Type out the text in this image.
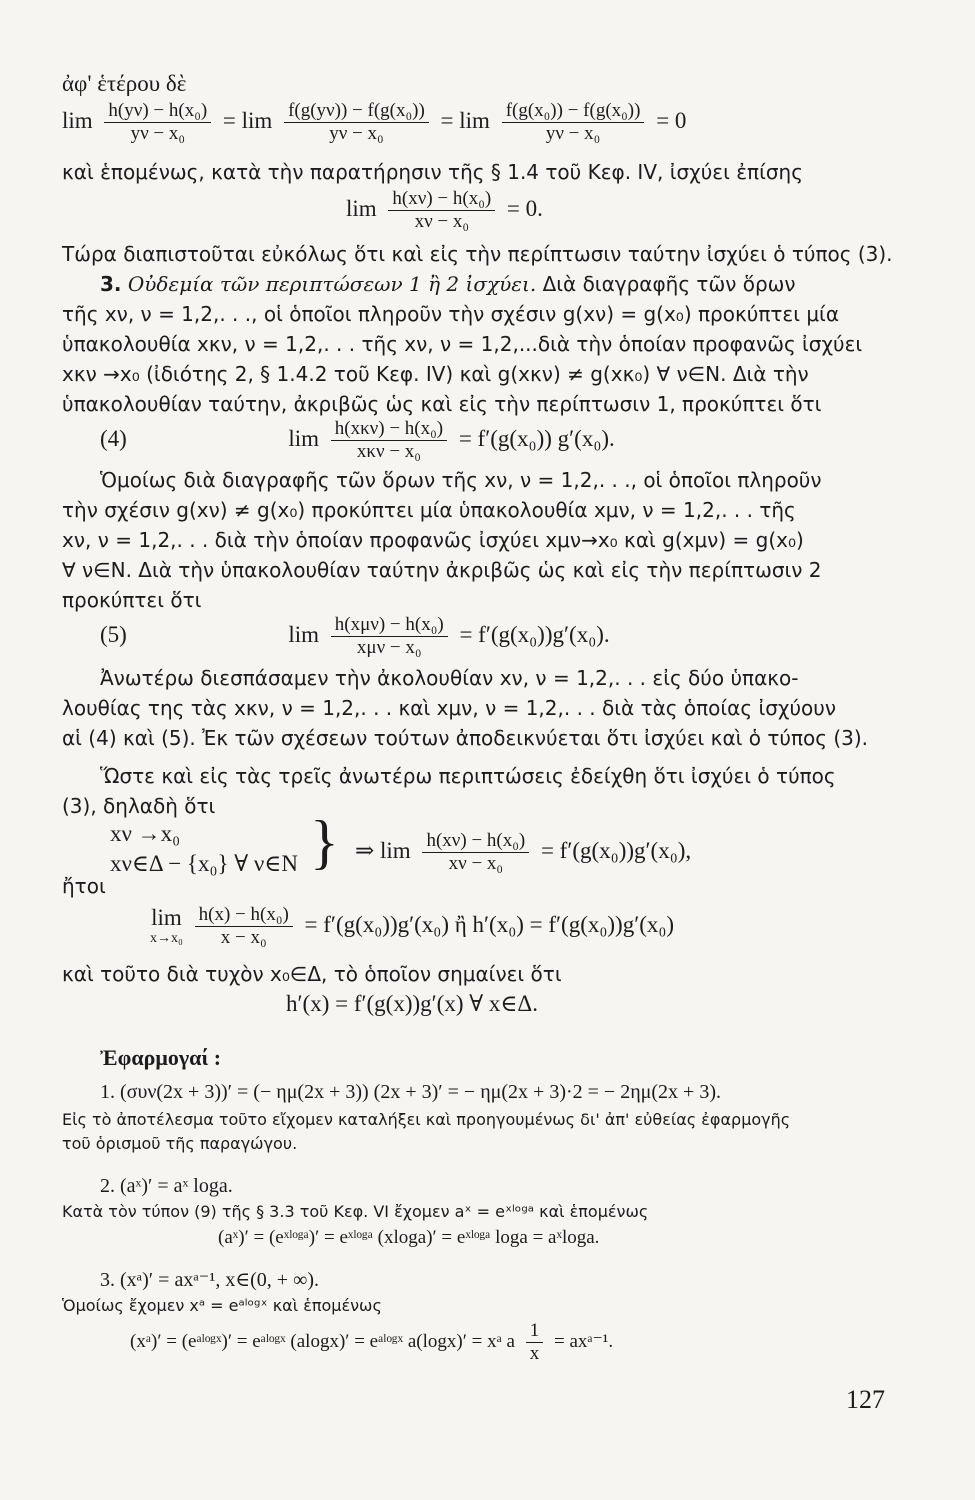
ἀφ' ἑτέρου δὲ
$\lim \frac{\text{h(yν) − h(x₀)}}{\text{yν − x₀}} = \lim \frac{\text{f(g(yν)) − f(g(x₀))}}{\text{yν − x₀}} = \lim \frac{\text{f(g(x₀)) − f(g(x₀))}}{\text{yν − x₀}} = 0$
καὶ ἑπομένως, κατὰ τὴν παρατήρησιν τῆς § 1.4 τοῦ Κεφ. IV, ἰσχύει ἐπίσης
$\lim \frac{\text{h(xν) − h(x₀)}}{\text{xν − x₀}} = 0$.
Τώρα διαπιστοῦται εὐκόλως ὅτι καὶ εἰς τὴν περίπτωσιν ταύτην ἰσχύει ὁ τύπος (3).
3. Οὐδεμία τῶν περιπτώσεων 1 ἢ 2 ἰσχύει. Διὰ διαγραφῆς τῶν ὅρων
τῆς xν, ν = 1,2,. . ., οἱ ὁποῖοι πληροῦν τὴν σχέσιν g(xν) = g(x₀) προκύπτει μία
ὑπακολουθία xκν, ν = 1,2,. . . τῆς xν, ν = 1,2,...διὰ τὴν ὁποίαν προφανῶς ἰσχύει
xκν →x₀ (ἰδιότης 2, § 1.4.2 τοῦ Κεφ. IV) καὶ g(xκν) ≠ g(xκ₀) ∀ ν∈N. Διὰ τὴν
ὑπακολουθίαν ταύτην, ἀκριβῶς ὡς καὶ εἰς τὴν περίπτωσιν 1, προκύπτει ὅτι
(4)	$\lim \frac{\text{h(xκν) − h(x₀)}}{\text{xκν − x₀}} = f'(g(x_0))$ g′(x₀).
Ὁμοίως διὰ διαγραφῆς τῶν ὅρων τῆς xν, ν = 1,2,. . ., οἱ ὁποῖοι πληροῦν
τὴν σχέσιν g(xν) ≠ g(x₀) προκύπτει μία ὑπακολουθία xμν, ν = 1,2,. . . τῆς
xν, ν = 1,2,. . . διὰ τὴν ὁποίαν προφανῶς ἰσχύει xμν→x₀ καὶ g(xμν) = g(x₀)
∀ ν∈N. Διὰ τὴν ὑπακολουθίαν ταύτην ἀκριβῶς ὡς καὶ εἰς τὴν περίπτωσιν 2
προκύπτει ὅτι
(5)	$\lim \frac{\text{h(xμν) − h(x₀)}}{\text{xμν − x₀}} = f'(g(x_0))g'(x_0)$.
Ἀνωτέρω διεσπάσαμεν τὴν ἀκολουθίαν xν, ν = 1,2,. . . εἰς δύο ὑπακο-
λουθίας της τὰς xκν, ν = 1,2,. . . καὶ xμν, ν = 1,2,. . . διὰ τὰς ὁποίας ἰσχύουν
αἱ (4) καὶ (5). Ἐκ τῶν σχέσεων τούτων ἀποδεικνύεται ὅτι ἰσχύει καὶ ὁ τύπος (3).
Ὥστε καὶ εἰς τὰς τρεῖς ἀνωτέρω περιπτώσεις ἐδείχθη ὅτι ἰσχύει ὁ τύπος
(3), δηλαδὴ ὅτι
xν →x₀
xν∈Δ − {x₀} ∀ ν∈N } ⇒ $\lim \frac{\text{h(xν) − h(x₀)}}{\text{xν − x₀}} = f'(g(x_0))g'(x_0)$,
ἤτοι
lim
x→x₀
$\frac{\text{h(x) − h(x₀)}}{\text{x − x₀}} = f'(g(x_0))g'(x_0)$ ἢ h′(x₀) = f′(g(x₀))g′(x₀)
καὶ τοῦτο διὰ τυχὸν x₀∈Δ, τὸ ὁποῖον σημαίνει ὅτι
h′(x) = f′(g(x))g′(x) ∀ x∈Δ.
Ἐφαρμογαί :
1. (συν(2x + 3))′ = (− ημ(2x + 3)) (2x + 3)′ = − ημ(2x + 3)·2 = − 2ημ(2x + 3).
Εἰς τὸ ἀποτέλεσμα τοῦτο εἴχομεν καταλήξει καὶ προηγουμένως δι' ἀπ' εὐθείας ἐφαρμογῆς
τοῦ ὁρισμοῦ τῆς παραγώγου.
2. (aˣ)′ = aˣ loga.
Κατὰ τὸν τύπον (9) τῆς § 3.3 τοῦ Κεφ. VI ἔχομεν aˣ = eˣˡᵒᵍᵃ καὶ ἑπομένως
(aˣ)′ = (eˣˡᵒᵍᵃ)′ = eˣˡᵒᵍᵃ (xloga)′ = eˣˡᵒᵍᵃ loga = aˣloga.
3. (xᵃ)′ = axᵃ⁻¹, x∈(0, + ∞).
Ὁμοίως ἔχομεν xᵃ = eᵃˡᵒᵍˣ καὶ ἑπομένως
(xᵃ)′ = (eᵃˡᵒᵍˣ)′ = eᵃˡᵒᵍˣ (alogx)′ = eᵃˡᵒᵍˣ a(logx)′ = xᵃ a $\frac{1}{x}$ = axᵃ⁻¹.
127
